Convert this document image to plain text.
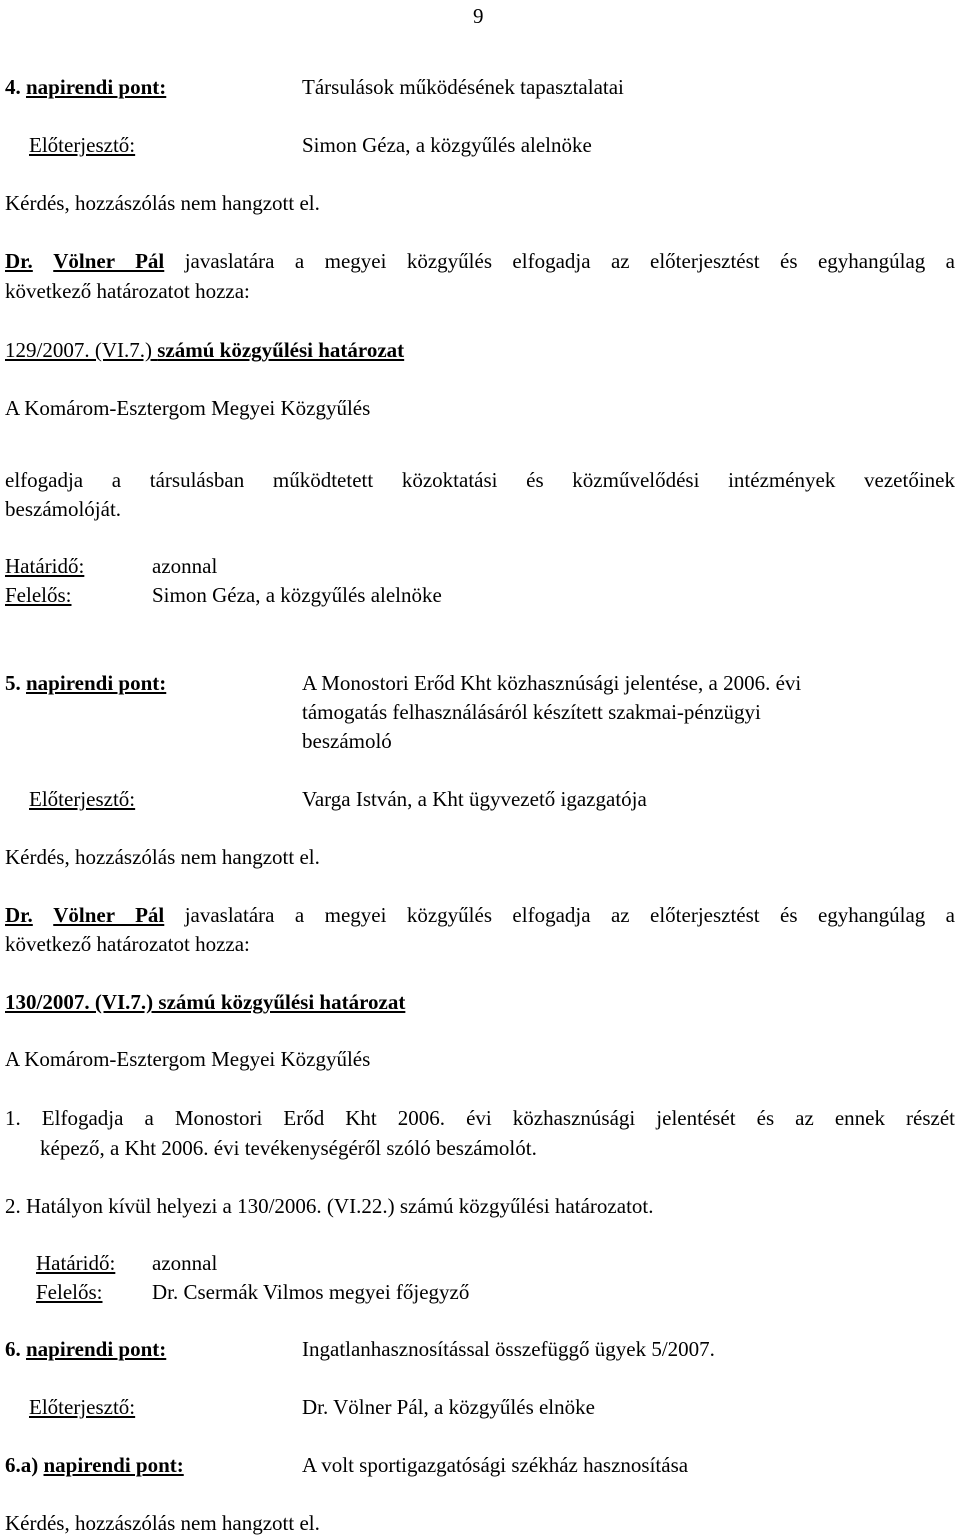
9
4. napirendi pont:	Társulások működésének tapasztalatai
Előterjesztő:	Simon Géza, a közgyűlés alelnöke
Kérdés, hozzászólás nem hangzott el.
Dr. Völner Pál javaslatára a megyei közgyűlés elfogadja az előterjesztést és egyhangúlag a
következő határozatot hozza:
129/2007. (VI.7.) számú közgyűlési határozat
A Komárom-Esztergom Megyei Közgyűlés
elfogadja a társulásban működtetett közoktatási és közművelődési intézmények vezetőinek
beszámolóját.
Határidő:	azonnal
Felelős:	Simon Géza, a közgyűlés alelnöke
5. napirendi pont:	A Monostori Erőd Kht közhasznúsági jelentése, a 2006. évi
támogatás felhasználásáról készített szakmai-pénzügyi
beszámoló
Előterjesztő:	Varga István, a Kht ügyvezető igazgatója
Kérdés, hozzászólás nem hangzott el.
Dr. Völner Pál javaslatára a megyei közgyűlés elfogadja az előterjesztést és egyhangúlag a
következő határozatot hozza:
130/2007. (VI.7.) számú közgyűlési határozat
A Komárom-Esztergom Megyei Közgyűlés
1. Elfogadja a Monostori Erőd Kht 2006. évi közhasznúsági jelentését és az ennek részét
képező, a Kht 2006. évi tevékenységéről szóló beszámolót.
2. Hatályon kívül helyezi a 130/2006. (VI.22.) számú közgyűlési határozatot.
Határidő: azonnal
Felelős: Dr. Csermák Vilmos megyei főjegyző
6. napirendi pont:	Ingatlanhasznosítással összefüggő ügyek 5/2007.
Előterjesztő:	Dr. Völner Pál, a közgyűlés elnöke
6.a) napirendi pont:	A volt sportigazgatósági székház hasznosítása
Kérdés, hozzászólás nem hangzott el.
